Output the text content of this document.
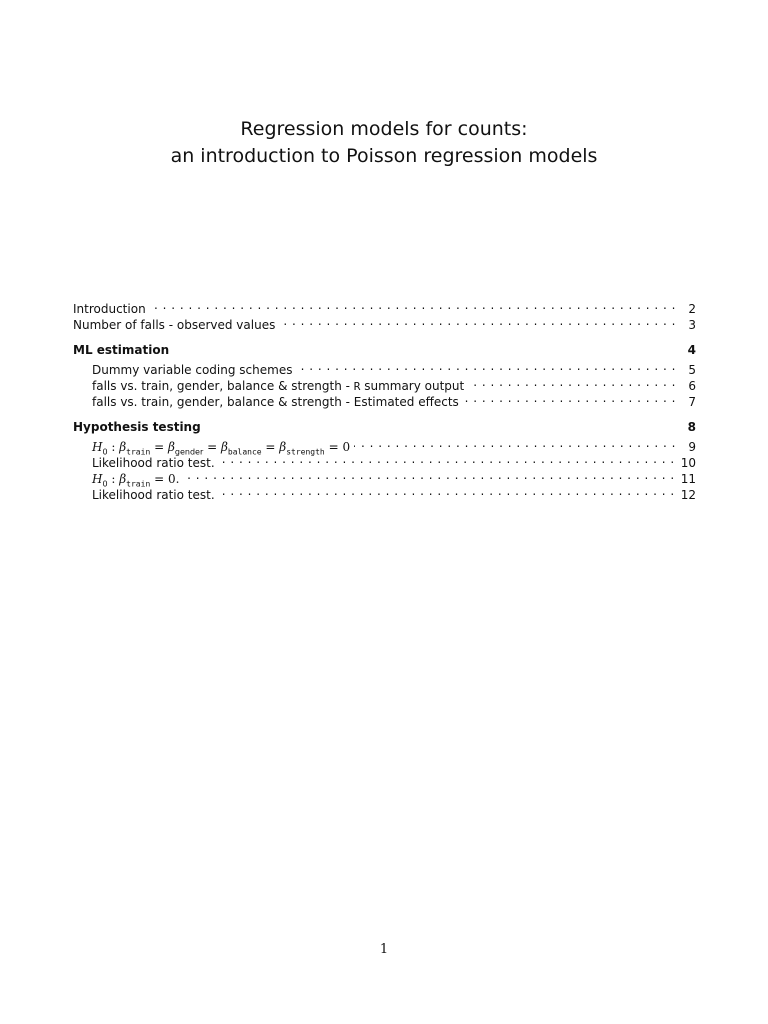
Regression models for counts:
an introduction to Poisson regression models
Introduction . . .	2
Number of falls - observed values . . .	3
ML estimation	4
Dummy variable coding schemes . . .	5
falls vs. train, gender, balance & strength - R summary output . . .	6
falls vs. train, gender, balance & strength - Estimated effects . . .	7
Hypothesis testing	8
$H_0$ : $\beta_{train} = \beta_{gender} = \beta_{balance} = \beta_{strength} = 0$ . . .	9
Likelihood ratio test. . . .	10
$H_0$ : $\beta_{train} = 0$. . . .	11
Likelihood ratio test. . . .	12
1
